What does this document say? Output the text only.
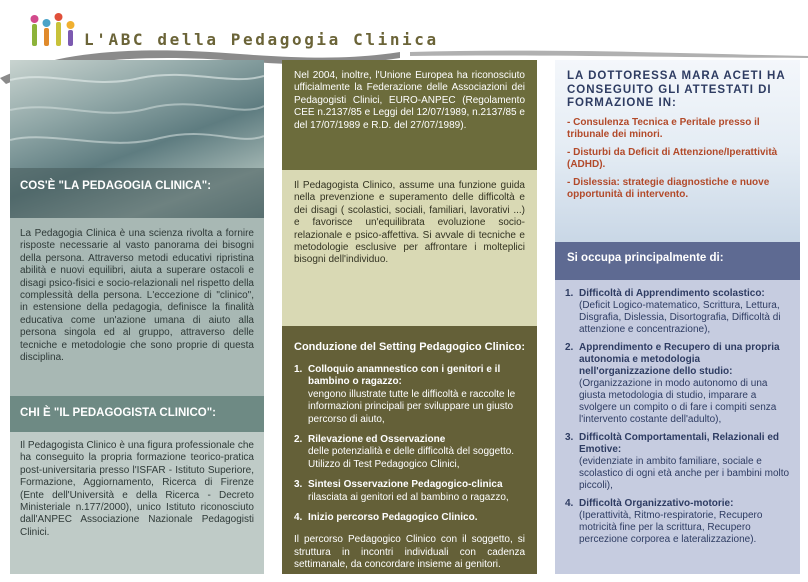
L'ABC della Pedagogia Clinica
COS'È "LA PEDAGOGIA CLINICA":

La Pedagogia Clinica è una scienza rivolta a fornire risposte necessarie al vasto panorama dei bisogni della persona. Attraverso metodi educativi ripristina abilità e nuovi equilibri, aiuta a superare ostacoli e disagi psico-fisici e socio-relazionali nel rispetto della complessità della persona. L'eccezione di "clinico", in estensione della pedagogia, definisce la finalità educativa come un'azione umana di aiuto alla persona singola ed al gruppo, attraverso delle tecniche e metodologie che sono proprie di questa disciplina.

CHI È "IL PEDAGOGISTA CLINICO":

Il Pedagogista Clinico è una figura professionale che ha conseguito la propria formazione teorico-pratica post-universitaria presso l'ISFAR - Istituto Superiore, Formazione, Aggiornamento, Ricerca di Firenze (Ente dell'Università e della Ricerca - Decreto Ministeriale n.177/2000), unico Istituto riconosciuto dall'ANPEC Associazione Nazionale Pedagogisti Clinici.

Nel 2004, inoltre, l'Unione Europea ha riconosciuto ufficialmente la Federazione delle Associazioni dei Pedagogisti Clinici, EURO-ANPEC (Regolamento CEE n.2137/85 e Leggi del 12/07/1989, n.2137/85 e del 17/07/1989 e R.D. del 27/07/1989).

Il Pedagogista Clinico, assume una funzione guida nella prevenzione e superamento delle difficoltà e dei disagi ( scolastici, sociali, familiari, lavorativi ...) e favorisce un'equilibrata evoluzione socio-relazionale e psico-affettiva. Si avvale di tecniche e metodologie esclusive per affrontare i molteplici bisogni dell'individuo.

Conduzione del Setting Pedagogico Clinico:
1. Colloquio anamnestico con i genitori e il bambino o ragazzo:
vengono illustrate tutte le difficoltà e raccolte le informazioni principali per sviluppare un giusto percorso di aiuto,
2. Rilevazione ed Osservazione
delle potenzialità e delle difficoltà del soggetto. Utilizzo di Test Pedagogico Clinici,
3. Sintesi Osservazione Pedagogico-clinica
rilasciata ai genitori ed al bambino o ragazzo,
4. Inizio percorso Pedagogico Clinico.

Il percorso Pedagogico Clinico con il soggetto, si struttura in incontri individuali con cadenza settimanale, da concordare insieme ai genitori.

LA DOTTORESSA MARA ACETI HA CONSEGUITO GLI ATTESTATI DI FORMAZIONE IN:
- Consulenza Tecnica e Peritale presso il tribunale dei minori.
- Disturbi da Deficit di Attenzione/Iperattività (ADHD).
- Dislessia: strategie diagnostiche e nuove opportunità di intervento.
Si occupa principalmente di:
1. Difficoltà di Apprendimento scolastico:
(Deficit Logico-matematico, Scrittura, Lettura, Disgrafia, Dislessia, Disortografia, Difficoltà di attenzione e concentrazione),
2. Apprendimento e Recupero di una propria autonomia e metodologia nell'organizzazione dello studio:
(Organizzazione in modo autonomo di una giusta metodologia di studio, imparare a svolgere un compito o di fare i compiti senza l'intervento costante dell'adulto),
3. Difficoltà Comportamentali, Relazionali ed Emotive:
(evidenziate in ambito familiare, sociale e scolastico di ogni età anche per i bambini molto piccoli),
4. Difficoltà Organizzativo-motorie:
(Iperattività, Ritmo-respiratorie, Recupero motricità fine per la scrittura, Recupero percezione corporea e lateralizzazione).
